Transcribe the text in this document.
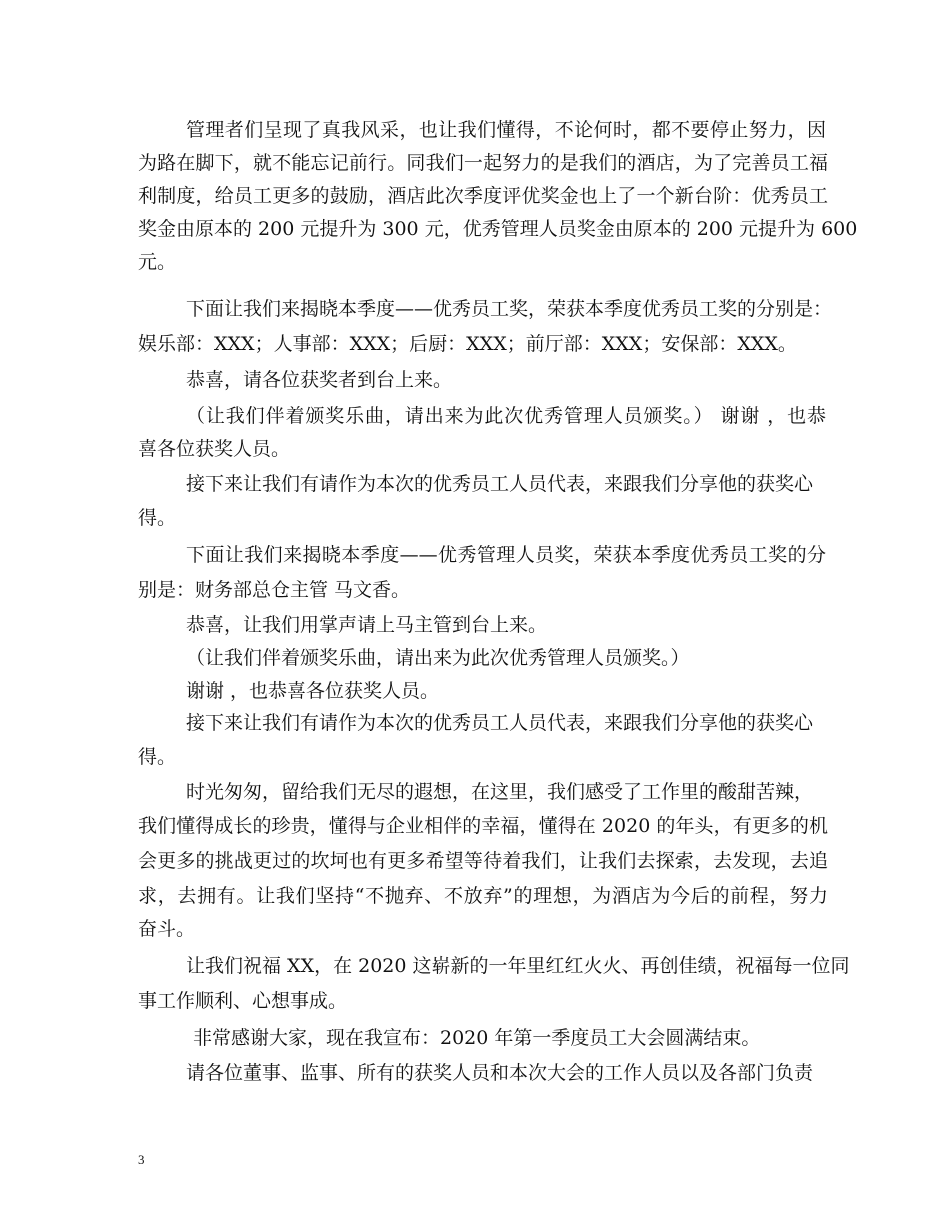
管理者们呈现了真我风采，也让我们懂得，不论何时，都不要停止努力，因
为路在脚下，就不能忘记前行。同我们一起努力的是我们的酒店，为了完善员工福
利制度，给员工更多的鼓励，酒店此次季度评优奖金也上了一个新台阶：优秀员工
奖金由原本的 200 元提升为 300 元，优秀管理人员奖金由原本的 200 元提升为 600
元。
下面让我们来揭晓本季度——优秀员工奖，荣获本季度优秀员工奖的分别是：
娱乐部：XXX；人事部：XXX；后厨：XXX；前厅部：XXX；安保部：XXX。
恭喜，请各位获奖者到台上来。
（让我们伴着颁奖乐曲，请出来为此次优秀管理人员颁奖。） 谢谢 ，也恭
喜各位获奖人员。
接下来让我们有请作为本次的优秀员工人员代表，来跟我们分享他的获奖心
得。
下面让我们来揭晓本季度——优秀管理人员奖，荣获本季度优秀员工奖的分
别是：财务部总仓主管 马文香。
恭喜，让我们用掌声请上马主管到台上来。
（让我们伴着颁奖乐曲，请出来为此次优秀管理人员颁奖。）
谢谢 ，也恭喜各位获奖人员。
接下来让我们有请作为本次的优秀员工人员代表，来跟我们分享他的获奖心
得。
时光匆匆，留给我们无尽的遐想，在这里，我们感受了工作里的酸甜苦辣，
我们懂得成长的珍贵，懂得与企业相伴的幸福，懂得在 2020 的年头，有更多的机
会更多的挑战更过的坎坷也有更多希望等待着我们，让我们去探索，去发现，去追
求，去拥有。让我们坚持“不抛弃、不放弃”的理想，为酒店为今后的前程，努力
奋斗。
让我们祝福 XX，在 2020 这崭新的一年里红红火火、再创佳绩，祝福每一位同
事工作顺利、心想事成。
非常感谢大家，现在我宣布：2020 年第一季度员工大会圆满结束。
请各位董事、监事、所有的获奖人员和本次大会的工作人员以及各部门负责
3
